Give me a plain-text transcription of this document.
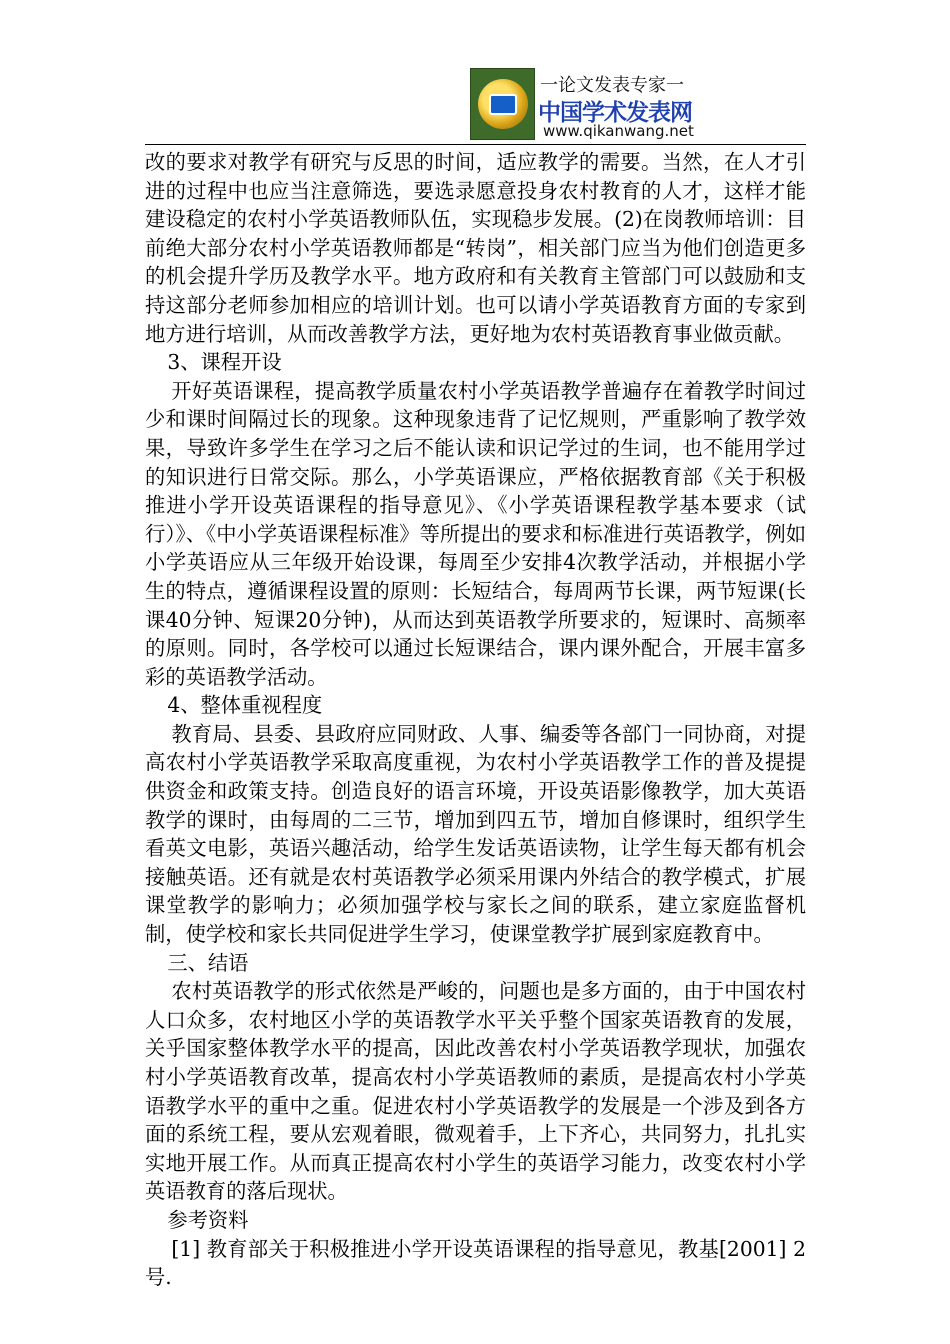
一论文发表专家一
中国学术发表网
www.qikanwang.net

改的要求对教学有研究与反思的时间，适应教学的需要。当然，在人才引进的过程中也应当注意筛选，要选录愿意投身农村教育的人才，这样才能建设稳定的农村小学英语教师队伍，实现稳步发展。(2)在岗教师培训：目前绝大部分农村小学英语教师都是“转岗”，相关部门应当为他们创造更多的机会提升学历及教学水平。地方政府和有关教育主管部门可以鼓励和支持这部分老师参加相应的培训计划。也可以请小学英语教育方面的专家到地方进行培训，从而改善教学方法，更好地为农村英语教育事业做贡献。

3、课程开设

开好英语课程，提高教学质量农村小学英语教学普遍存在着教学时间过少和课时间隔过长的现象。这种现象违背了记忆规则，严重影响了教学效果，导致许多学生在学习之后不能认读和识记学过的生词，也不能用学过的知识进行日常交际。那么，小学英语课应，严格依据教育部《关于积极推进小学开设英语课程的指导意见》、《小学英语课程教学基本要求（试行）》、《中小学英语课程标准》等所提出的要求和标准进行英语教学，例如小学英语应从三年级开始设课，每周至少安排4次教学活动，并根据小学生的特点，遵循课程设置的原则：长短结合，每周两节长课，两节短课(长课40分钟、短课20分钟)，从而达到英语教学所要求的，短课时、高频率的原则。同时，各学校可以通过长短课结合，课内课外配合，开展丰富多彩的英语教学活动。

4、整体重视程度

教育局、县委、县政府应同财政、人事、编委等各部门一同协商，对提高农村小学英语教学采取高度重视，为农村小学英语教学工作的普及提提供资金和政策支持。创造良好的语言环境，开设英语影像教学，加大英语教学的课时，由每周的二三节，增加到四五节，增加自修课时，组织学生看英文电影，英语兴趣活动，给学生发话英语读物，让学生每天都有机会接触英语。还有就是农村英语教学必须采用课内外结合的教学模式，扩展课堂教学的影响力；必须加强学校与家长之间的联系，建立家庭监督机制，使学校和家长共同促进学生学习，使课堂教学扩展到家庭教育中。

三、结语

农村英语教学的形式依然是严峻的，问题也是多方面的，由于中国农村人口众多，农村地区小学的英语教学水平关乎整个国家英语教育的发展，关乎国家整体教学水平的提高，因此改善农村小学英语教学现状，加强农村小学英语教育改革，提高农村小学英语教师的素质，是提高农村小学英语教学水平的重中之重。促进农村小学英语教学的发展是一个涉及到各方面的系统工程，要从宏观着眼，微观着手，上下齐心，共同努力，扎扎实实地开展工作。从而真正提高农村小学生的英语学习能力，改变农村小学英语教育的落后现状。

参考资料

[1] 教育部关于积极推进小学开设英语课程的指导意见，教基[2001] 2号.
